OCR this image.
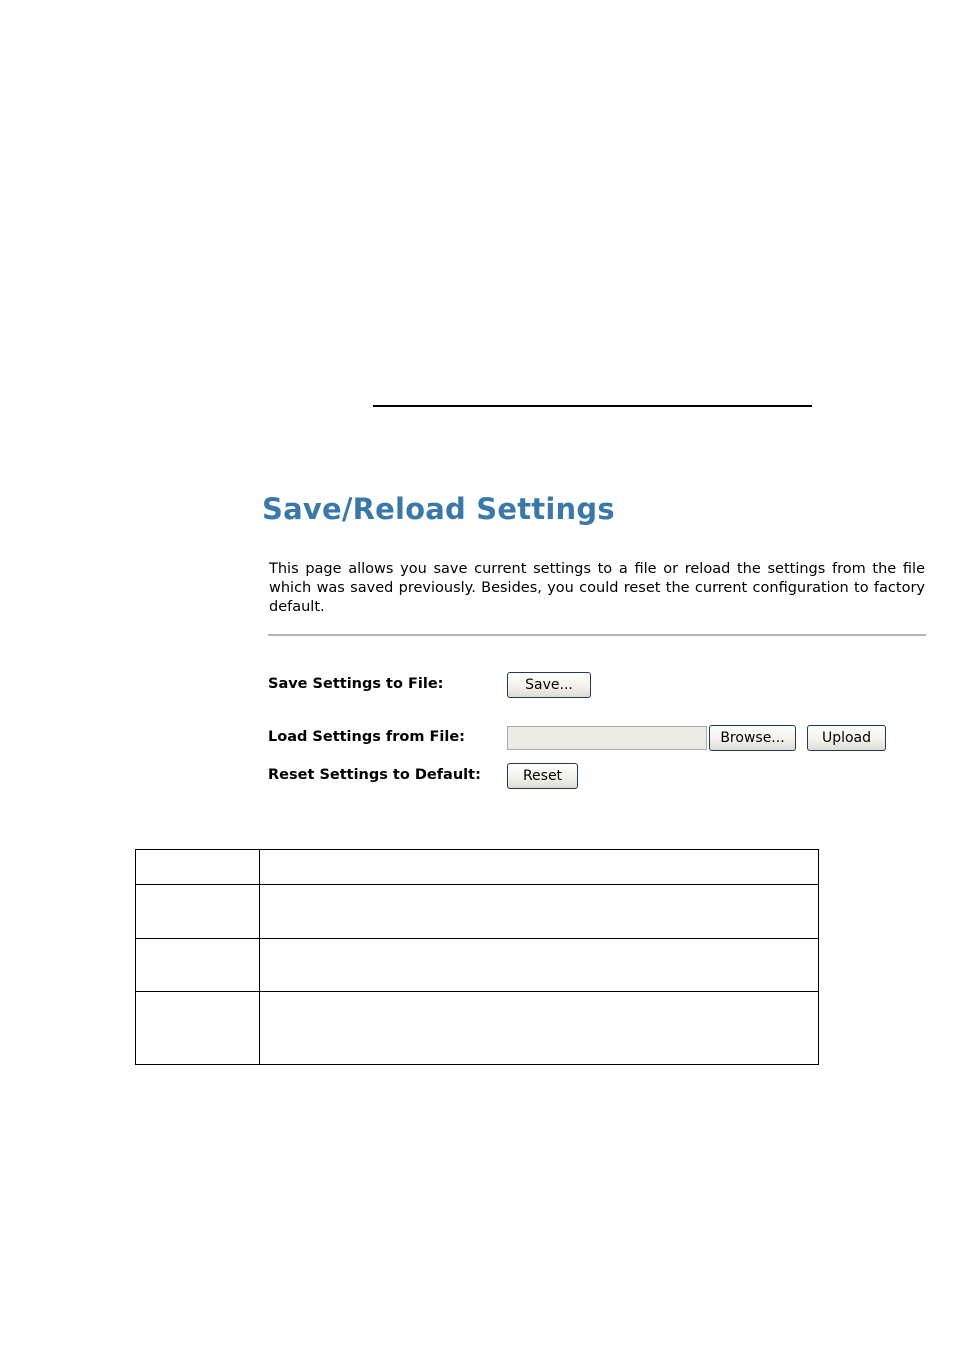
Save/Reload Settings

This page allows you save current settings to a file or reload the settings from the file which was saved previously. Besides, you could reset the current configuration to factory default.

Save Settings to File:	Save...
Load Settings from File:	Browse...	Upload
Reset Settings to Default:	Reset
